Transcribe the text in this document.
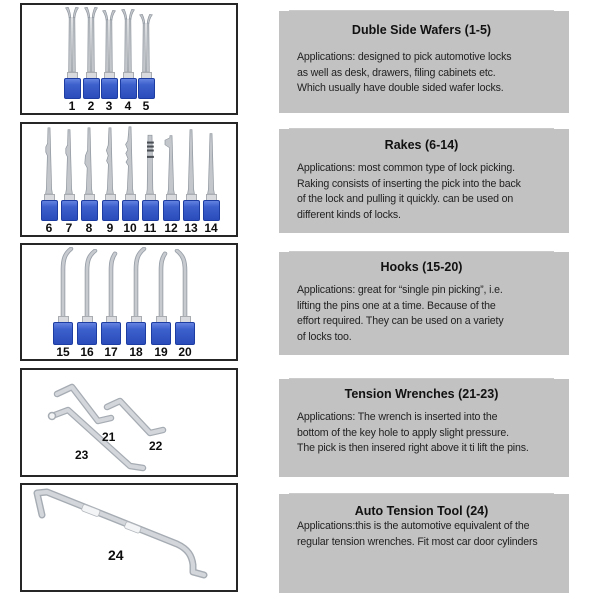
1 2 3 4 5
6 7 8 9 10 11 12 13 14
15 16 17 18 19 20
21
22
23
24
Duble Side Wafers (1-5)
Applications: designed to pick automotive locks
as well as desk, drawers, filing cabinets etc.
Which usually have double sided wafer locks.
Rakes (6-14)
Applications: most common type of lock picking.
Raking consists of inserting the pick into the back
of the lock and pulling it quickly. can be used on
different kinds of locks.
Hooks (15-20)
Applications: great for “single pin picking”, i.e.
lifting the pins one at a time. Because of the
effort required. They can be used on a variety
of locks too.
Tension Wrenches (21-23)
Applications: The wrench is inserted into the
bottom of the key hole to apply slight pressure.
The pick is then insered right above it ti lift the pins.
Auto Tension Tool (24)
Applications:this is the automotive equivalent of the
regular tension wrenches. Fit most car door cylinders
